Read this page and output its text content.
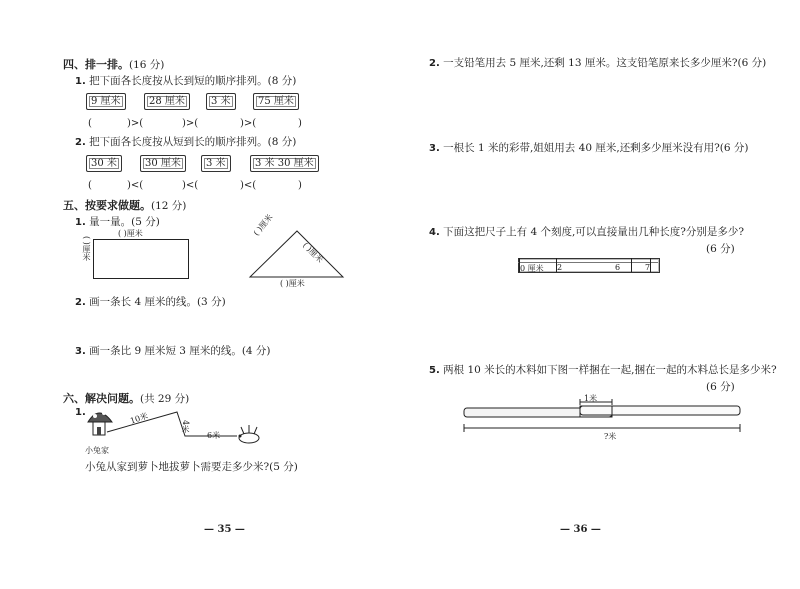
四、排一排。(16 分)
1. 把下面各长度按从长到短的顺序排列。(8 分)
9 厘米	28 厘米	3 米	75 厘米
(	)>(	)>(	)>(	)
2. 把下面各长度按从短到长的顺序排列。(8 分)
30 米	30 厘米	3 米	3 米 30 厘米
(	)<(	)<(	)<(	)
五、按要求做题。(12 分)
1. 量一量。(5 分)
( )厘米
( )厘米
( )厘米
( )厘米
( )厘米
2. 画一条长 4 厘米的线。(3 分)
3. 画一条比 9 厘米短 3 厘米的线。(4 分)
六、解决问题。(共 29 分)
1.	10米
4米
6米
小兔家
小兔从家到萝卜地拔萝卜需要走多少米?(5 分)
— 35 —
2. 一支铅笔用去 5 厘米,还剩 13 厘米。这支铅笔原来长多少厘米?(6 分)
3. 一根长 1 米的彩带,姐姐用去 40 厘米,还剩多少厘米没有用?(6 分)
4. 下面这把尺子上有 4 个刻度,可以直接量出几种长度?分别是多少?
(6 分)
0 厘米 2	6	7
5. 两根 10 米长的木料如下图一样捆在一起,捆在一起的木料总长是多少米?
(6 分)
1米
?米
— 36 —
